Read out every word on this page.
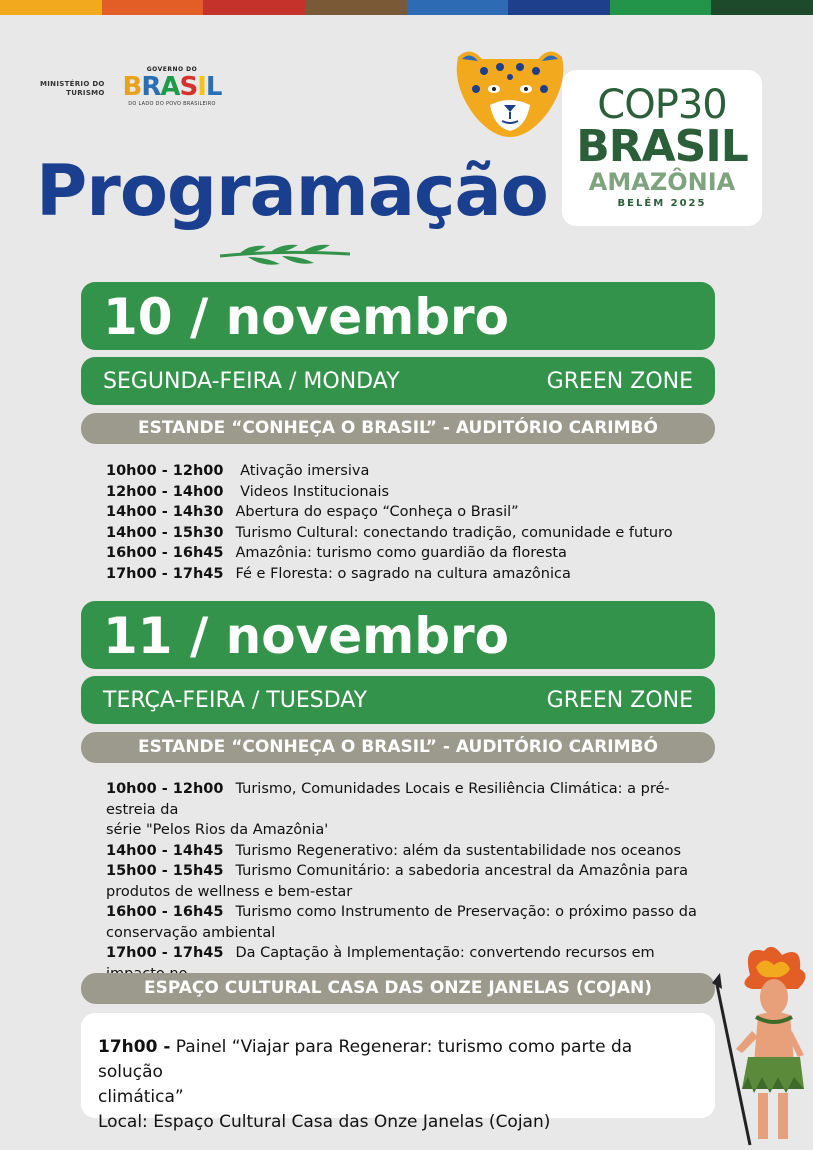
MINISTÉRIO DO
TURISMO
GOVERNO DO
BRASIL
DO LADO DO POVO BRASILEIRO
Programação
COP30
BRASIL
AMAZÔNIA
BELÉM 2025
10 / novembro
SEGUNDA-FEIRA / MONDAY	GREEN ZONE
ESTANDE “CONHEÇA O BRASIL” - AUDITÓRIO CARIMBÓ
10h00 - 12h00 Ativação imersiva
12h00 - 14h00 Videos Institucionais
14h00 - 14h30 Abertura do espaço “Conheça o Brasil”
14h00 - 15h30 Turismo Cultural: conectando tradição, comunidade e futuro
16h00 - 16h45 Amazônia: turismo como guardião da floresta
17h00 - 17h45 Fé e Floresta: o sagrado na cultura amazônica
11 / novembro
TERÇA-FEIRA / TUESDAY	GREEN ZONE
ESTANDE “CONHEÇA O BRASIL” - AUDITÓRIO CARIMBÓ
10h00 - 12h00 Turismo, Comunidades Locais e Resiliência Climática: a pré-estreia da
série "Pelos Rios da Amazônia'
14h00 - 14h45 Turismo Regenerativo: além da sustentabilidade nos oceanos
15h00 - 15h45 Turismo Comunitário: a sabedoria ancestral da Amazônia para
produtos de wellness e bem-estar
16h00 - 16h45 Turismo como Instrumento de Preservação: o próximo passo da
conservação ambiental
17h00 - 17h45 Da Captação à Implementação: convertendo recursos em
ESPAÇO CULTURAL CASA DAS ONZE JANELAS (COJAN)
17h00 - Painel “Viajar para Regenerar: turismo como parte da solução
climática”
Local: Espaço Cultural Casa das Onze Janelas (Cojan)
